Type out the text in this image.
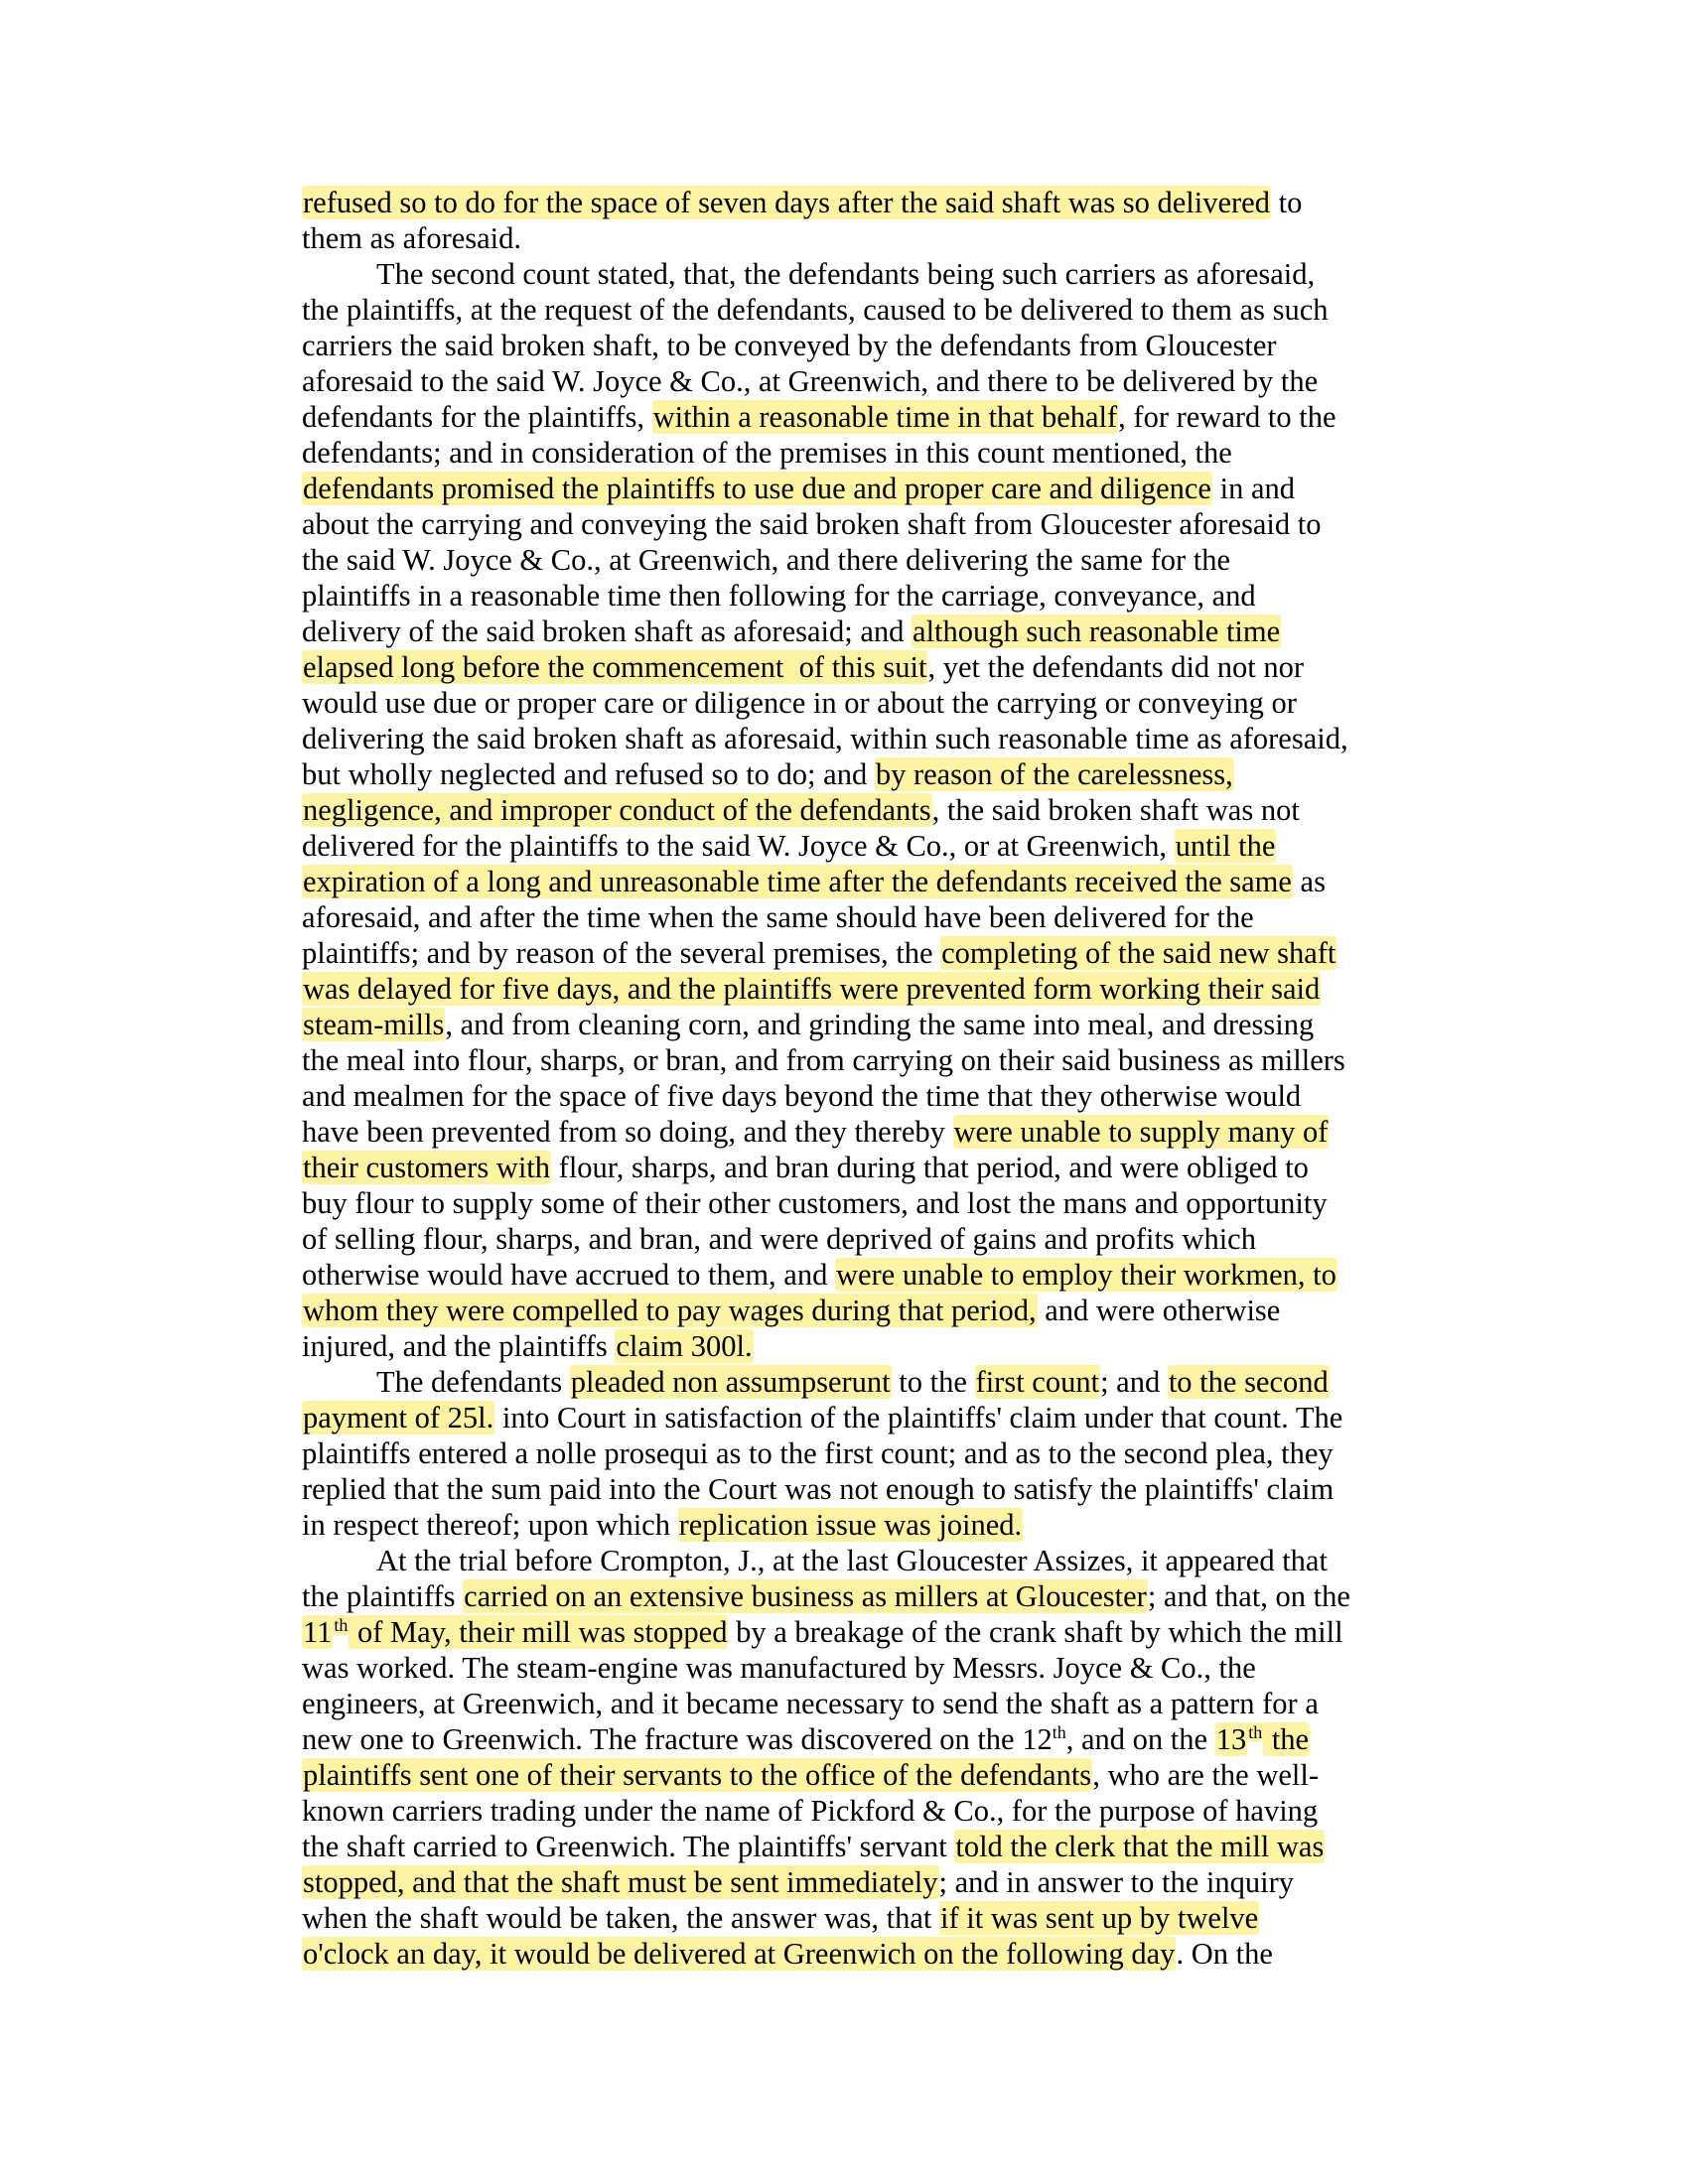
refused so to do for the space of seven days after the said shaft was so delivered to
them as aforesaid.
The second count stated, that, the defendants being such carriers as aforesaid,
the plaintiffs, at the request of the defendants, caused to be delivered to them as such
carriers the said broken shaft, to be conveyed by the defendants from Gloucester
aforesaid to the said W. Joyce & Co., at Greenwich, and there to be delivered by the
defendants for the plaintiffs, within a reasonable time in that behalf, for reward to the
defendants; and in consideration of the premises in this count mentioned, the
defendants promised the plaintiffs to use due and proper care and diligence in and
about the carrying and conveying the said broken shaft from Gloucester aforesaid to
the said W. Joyce & Co., at Greenwich, and there delivering the same for the
plaintiffs in a reasonable time then following for the carriage, conveyance, and
delivery of the said broken shaft as aforesaid; and although such reasonable time
elapsed long before the commencement  of this suit, yet the defendants did not nor
would use due or proper care or diligence in or about the carrying or conveying or
delivering the said broken shaft as aforesaid, within such reasonable time as aforesaid,
but wholly neglected and refused so to do; and by reason of the carelessness,
negligence, and improper conduct of the defendants, the said broken shaft was not
delivered for the plaintiffs to the said W. Joyce & Co., or at Greenwich, until the
expiration of a long and unreasonable time after the defendants received the same as
aforesaid, and after the time when the same should have been delivered for the
plaintiffs; and by reason of the several premises, the completing of the said new shaft
was delayed for five days, and the plaintiffs were prevented form working their said
steam-mills, and from cleaning corn, and grinding the same into meal, and dressing
the meal into flour, sharps, or bran, and from carrying on their said business as millers
and mealmen for the space of five days beyond the time that they otherwise would
have been prevented from so doing, and they thereby were unable to supply many of
their customers with flour, sharps, and bran during that period, and were obliged to
buy flour to supply some of their other customers, and lost the mans and opportunity
of selling flour, sharps, and bran, and were deprived of gains and profits which
otherwise would have accrued to them, and were unable to employ their workmen, to
whom they were compelled to pay wages during that period, and were otherwise
injured, and the plaintiffs claim 300l.
The defendants pleaded non assumpserunt to the first count; and to the second
payment of 25l. into Court in satisfaction of the plaintiffs' claim under that count. The
plaintiffs entered a nolle prosequi as to the first count; and as to the second plea, they
replied that the sum paid into the Court was not enough to satisfy the plaintiffs' claim
in respect thereof; upon which replication issue was joined.
At the trial before Crompton, J., at the last Gloucester Assizes, it appeared that
the plaintiffs carried on an extensive business as millers at Gloucester; and that, on the
11 $^{th}$ of May, their mill was stopped by a breakage of the crank shaft by which the mill
was worked. The steam-engine was manufactured by Messrs. Joyce & Co., the
engineers, at Greenwich, and it became necessary to send the shaft as a pattern for a
new one to Greenwich. The fracture was discovered on the 12th, and on the 13 $^{th}$ the
plaintiffs sent one of their servants to the office of the defendants, who are the well-
known carriers trading under the name of Pickford & Co., for the purpose of having
the shaft carried to Greenwich. The plaintiffs' servant told the clerk that the mill was
stopped, and that the shaft must be sent immediately; and in answer to the inquiry
when the shaft would be taken, the answer was, that if it was sent up by twelve
o'clock an day, it would be delivered at Greenwich on the following day. On the
